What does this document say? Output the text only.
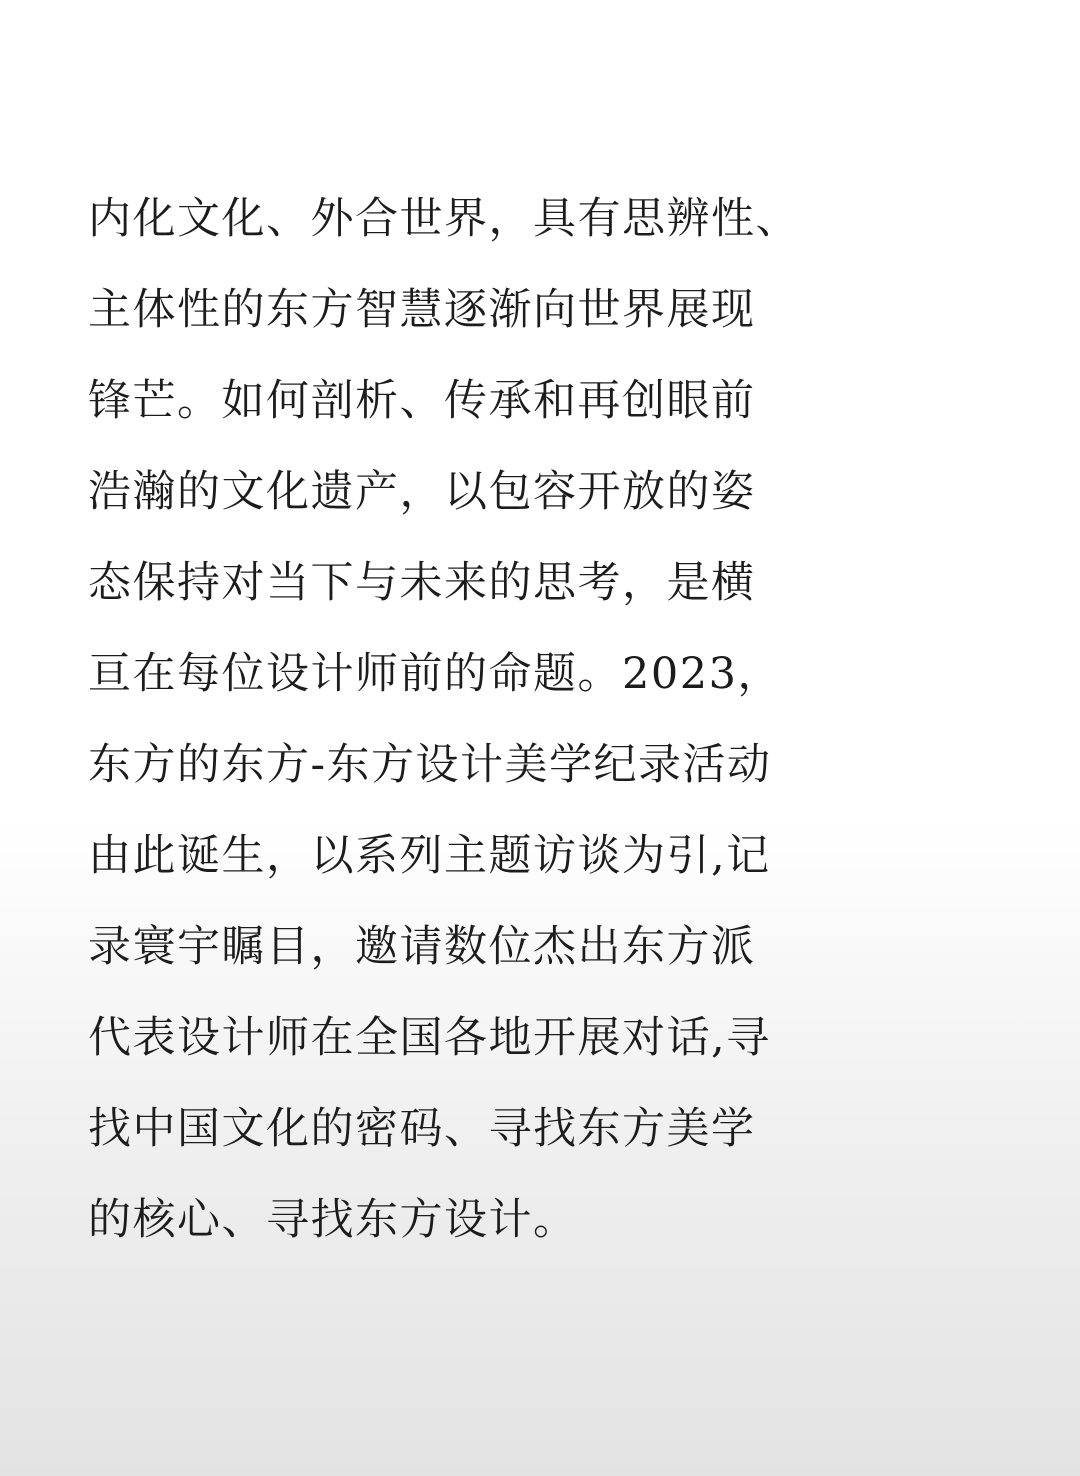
内化文化、外合世界，具有思辨性、
主体性的东方智慧逐渐向世界展现
锋芒。如何剖析、传承和再创眼前
浩瀚的文化遗产，以包容开放的姿
态保持对当下与未来的思考，是横
亘在每位设计师前的命题。2023，
东方的东方-东方设计美学纪录活动
由此诞生，以系列主题访谈为引,记
录寰宇瞩目，邀请数位杰出东方派
代表设计师在全国各地开展对话,寻
找中国文化的密码、寻找东方美学
的核心、寻找东方设计。
